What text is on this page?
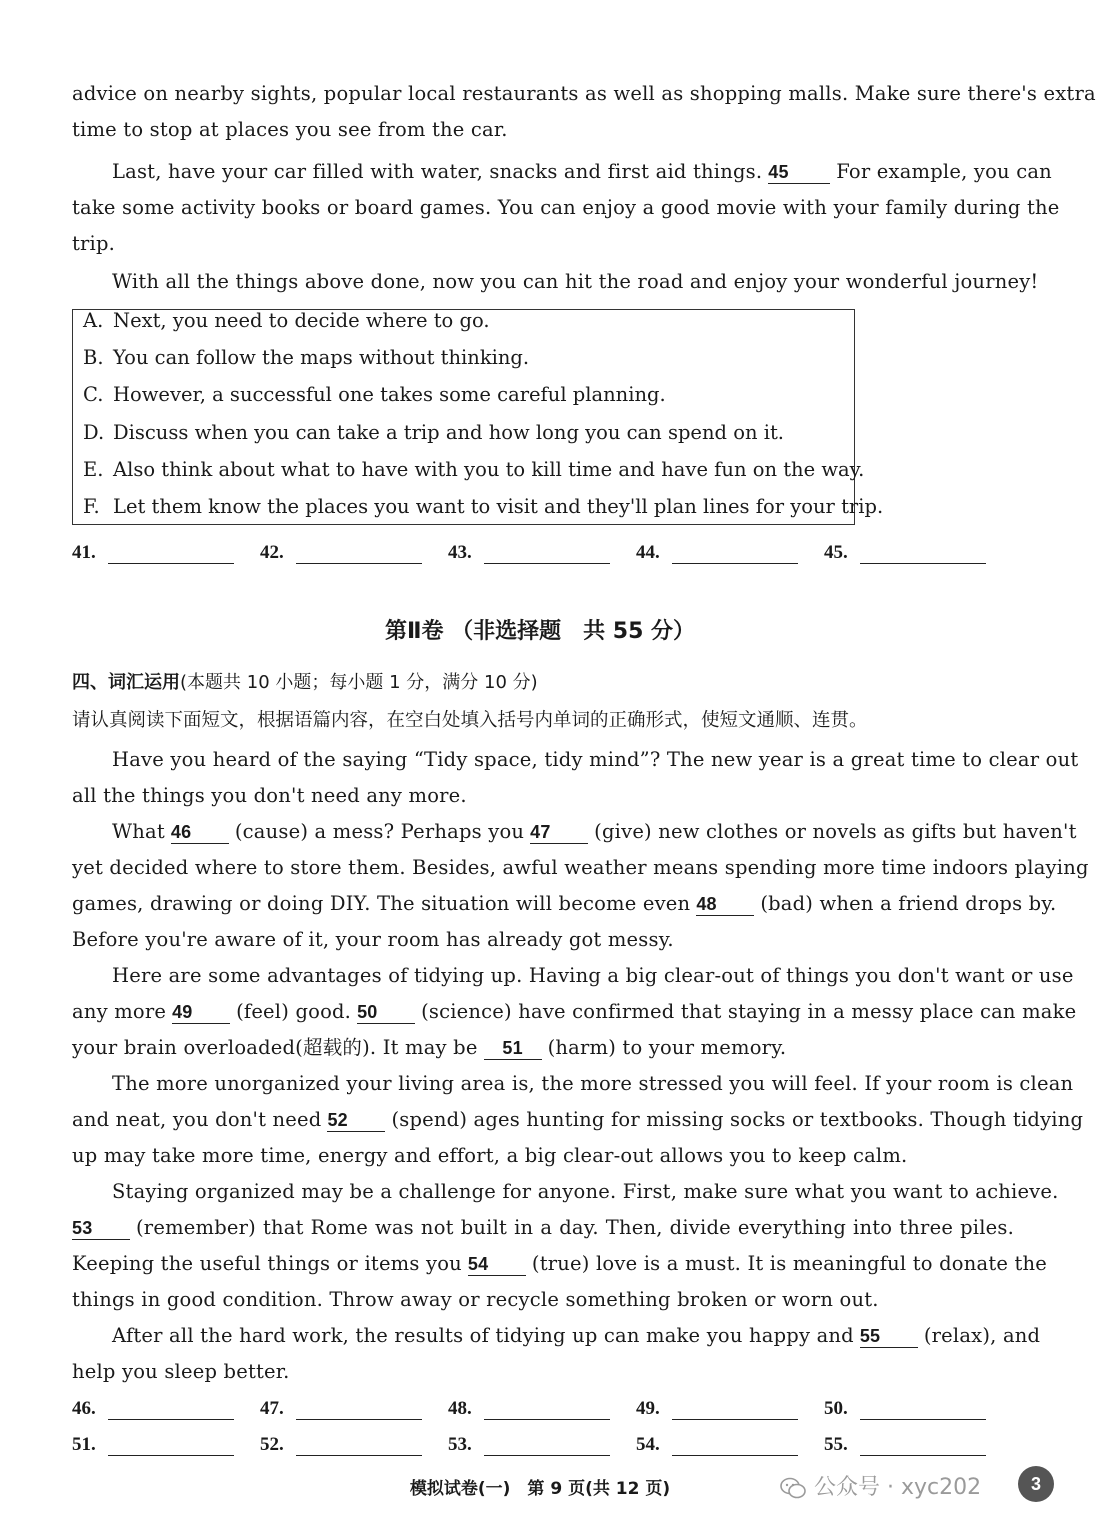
advice on nearby sights, popular local restaurants as well as shopping malls. Make sure there's extra
time to stop at places you see from the car.
Last, have your car filled with water, snacks and first aid things. 45 For example, you can
take some activity books or board games. You can enjoy a good movie with your family during the
trip.
With all the things above done, now you can hit the road and enjoy your wonderful journey!
A. Next, you need to decide where to go.
B. You can follow the maps without thinking.
C. However, a successful one takes some careful planning.
D. Discuss when you can take a trip and how long you can spend on it.
E. Also think about what to have with you to kill time and have fun on the way.
F. Let them know the places you want to visit and they'll plan lines for your trip.
41.	42.	43.	44.	45.
第Ⅱ卷 （非选择题　共 55 分）
四、词汇运用(本题共 10 小题；每小题 1 分，满分 10 分)
请认真阅读下面短文，根据语篇内容，在空白处填入括号内单词的正确形式，使短文通顺、连贯。
Have you heard of the saying “Tidy space, tidy mind”? The new year is a great time to clear out
all the things you don't need any more.
What 46 (cause) a mess? Perhaps you 47 (give) new clothes or novels as gifts but haven't
yet decided where to store them. Besides, awful weather means spending more time indoors playing
games, drawing or doing DIY. The situation will become even 48 (bad) when a friend drops by.
Before you're aware of it, your room has already got messy.
Here are some advantages of tidying up. Having a big clear-out of things you don't want or use
any more 49 (feel) good. 50 (science) have confirmed that staying in a messy place can make
your brain overloaded(超载的). It may be 51 (harm) to your memory.
The more unorganized your living area is, the more stressed you will feel. If your room is clean
and neat, you don't need 52 (spend) ages hunting for missing socks or textbooks. Though tidying
up may take more time, energy and effort, a big clear-out allows you to keep calm.
Staying organized may be a challenge for anyone. First, make sure what you want to achieve.
53 (remember) that Rome was not built in a day. Then, divide everything into three piles.
Keeping the useful things or items you 54 (true) love is a must. It is meaningful to donate the
things in good condition. Throw away or recycle something broken or worn out.
After all the hard work, the results of tidying up can make you happy and 55 (relax), and
help you sleep better.
46.	47.	48.	49.	50.
51.	52.	53.	54.	55.
模拟试卷(一)　第 9 页(共 12 页)	公众号 · xyc202	3
